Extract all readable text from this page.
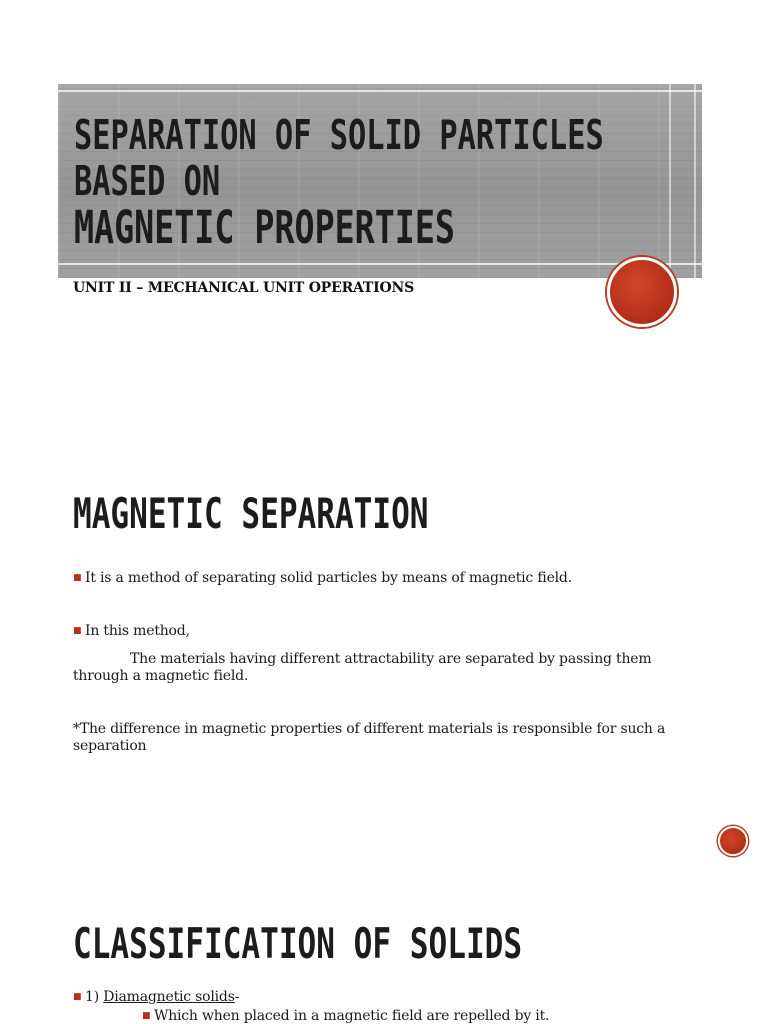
SEPARATION OF SOLID PARTICLES
BASED ON
MAGNETIC PROPERTIES
UNIT II – MECHANICAL UNIT OPERATIONS
MAGNETIC SEPARATION
■ It is a method of separating solid particles by means of magnetic field.
■ In this method,
The materials having different attractability are separated by passing them through a magnetic field.
*The difference in magnetic properties of different materials is responsible for such a separation
CLASSIFICATION OF SOLIDS
■ 1) Diamagnetic solids-
■ Which when placed in a magnetic field are repelled by it.
